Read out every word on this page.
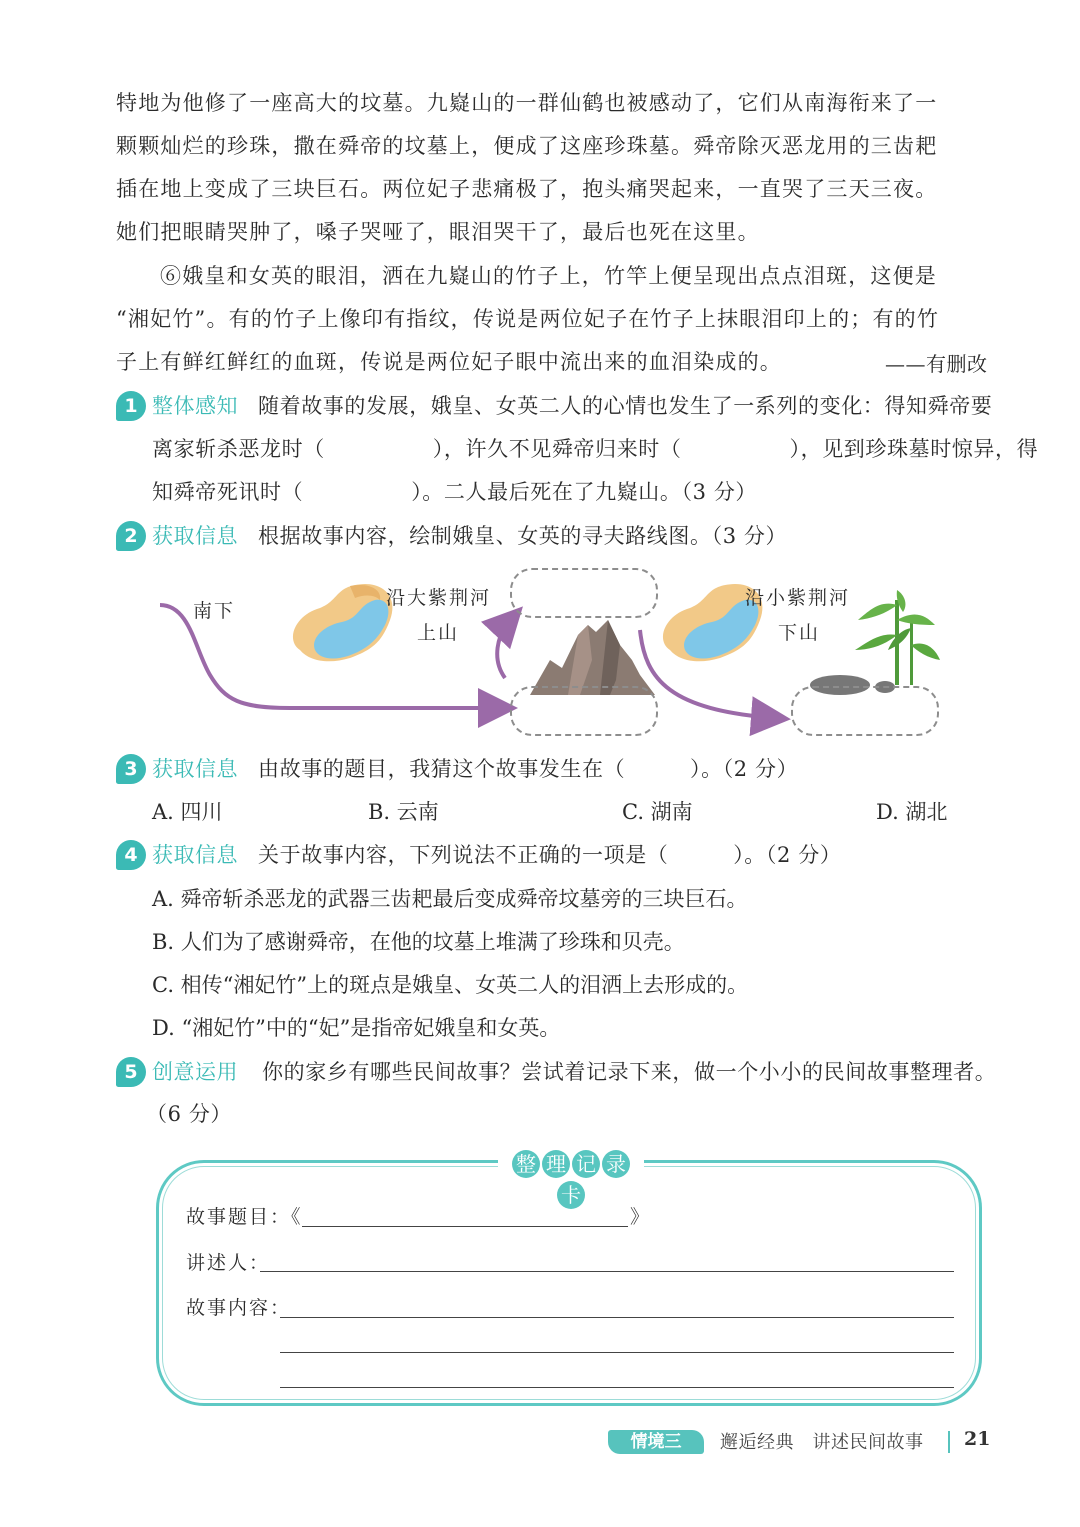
特地为他修了一座高大的坟墓。九嶷山的一群仙鹤也被感动了，它们从南海衔来了一
颗颗灿烂的珍珠，撒在舜帝的坟墓上，便成了这座珍珠墓。舜帝除灭恶龙用的三齿耙
插在地上变成了三块巨石。两位妃子悲痛极了，抱头痛哭起来，一直哭了三天三夜。
她们把眼睛哭肿了，嗓子哭哑了，眼泪哭干了，最后也死在这里。
⑥娥皇和女英的眼泪，洒在九嶷山的竹子上，竹竿上便呈现出点点泪斑，这便是
“湘妃竹”。有的竹子上像印有指纹，传说是两位妃子在竹子上抹眼泪印上的；有的竹
子上有鲜红鲜红的血斑，传说是两位妃子眼中流出来的血泪染成的。	——有删改
1 整体感知 随着故事的发展，娥皇、女英二人的心情也发生了一系列的变化：得知舜帝要
离家斩杀恶龙时（　　　　　），许久不见舜帝归来时（　　　　　），见到珍珠墓时惊异，得
知舜帝死讯时（　　　　　）。二人最后死在了九嶷山。（3 分）
2 获取信息 根据故事内容，绘制娥皇、女英的寻夫路线图。（3 分）
南下
沿大紫荆河
上山
沿小紫荆河
下山
3 获取信息 由故事的题目，我猜这个故事发生在（　　　）。（2 分）
A. 四川	B. 云南	C. 湖南	D. 湖北
4 获取信息 关于故事内容，下列说法不正确的一项是（　　　）。（2 分）
A. 舜帝斩杀恶龙的武器三齿耙最后变成舜帝坟墓旁的三块巨石。
B. 人们为了感谢舜帝，在他的坟墓上堆满了珍珠和贝壳。
C. 相传“湘妃竹”上的斑点是娥皇、女英二人的泪洒上去形成的。
D. “湘妃竹”中的“妃”是指帝妃娥皇和女英。
5 创意运用 你的家乡有哪些民间故事？尝试着记录下来，做一个小小的民间故事整理者。
（6 分）
整 理 记 录卡
故事题目：《	》
讲述人：
故事内容：
情境三	邂逅经典　讲述民间故事 21
